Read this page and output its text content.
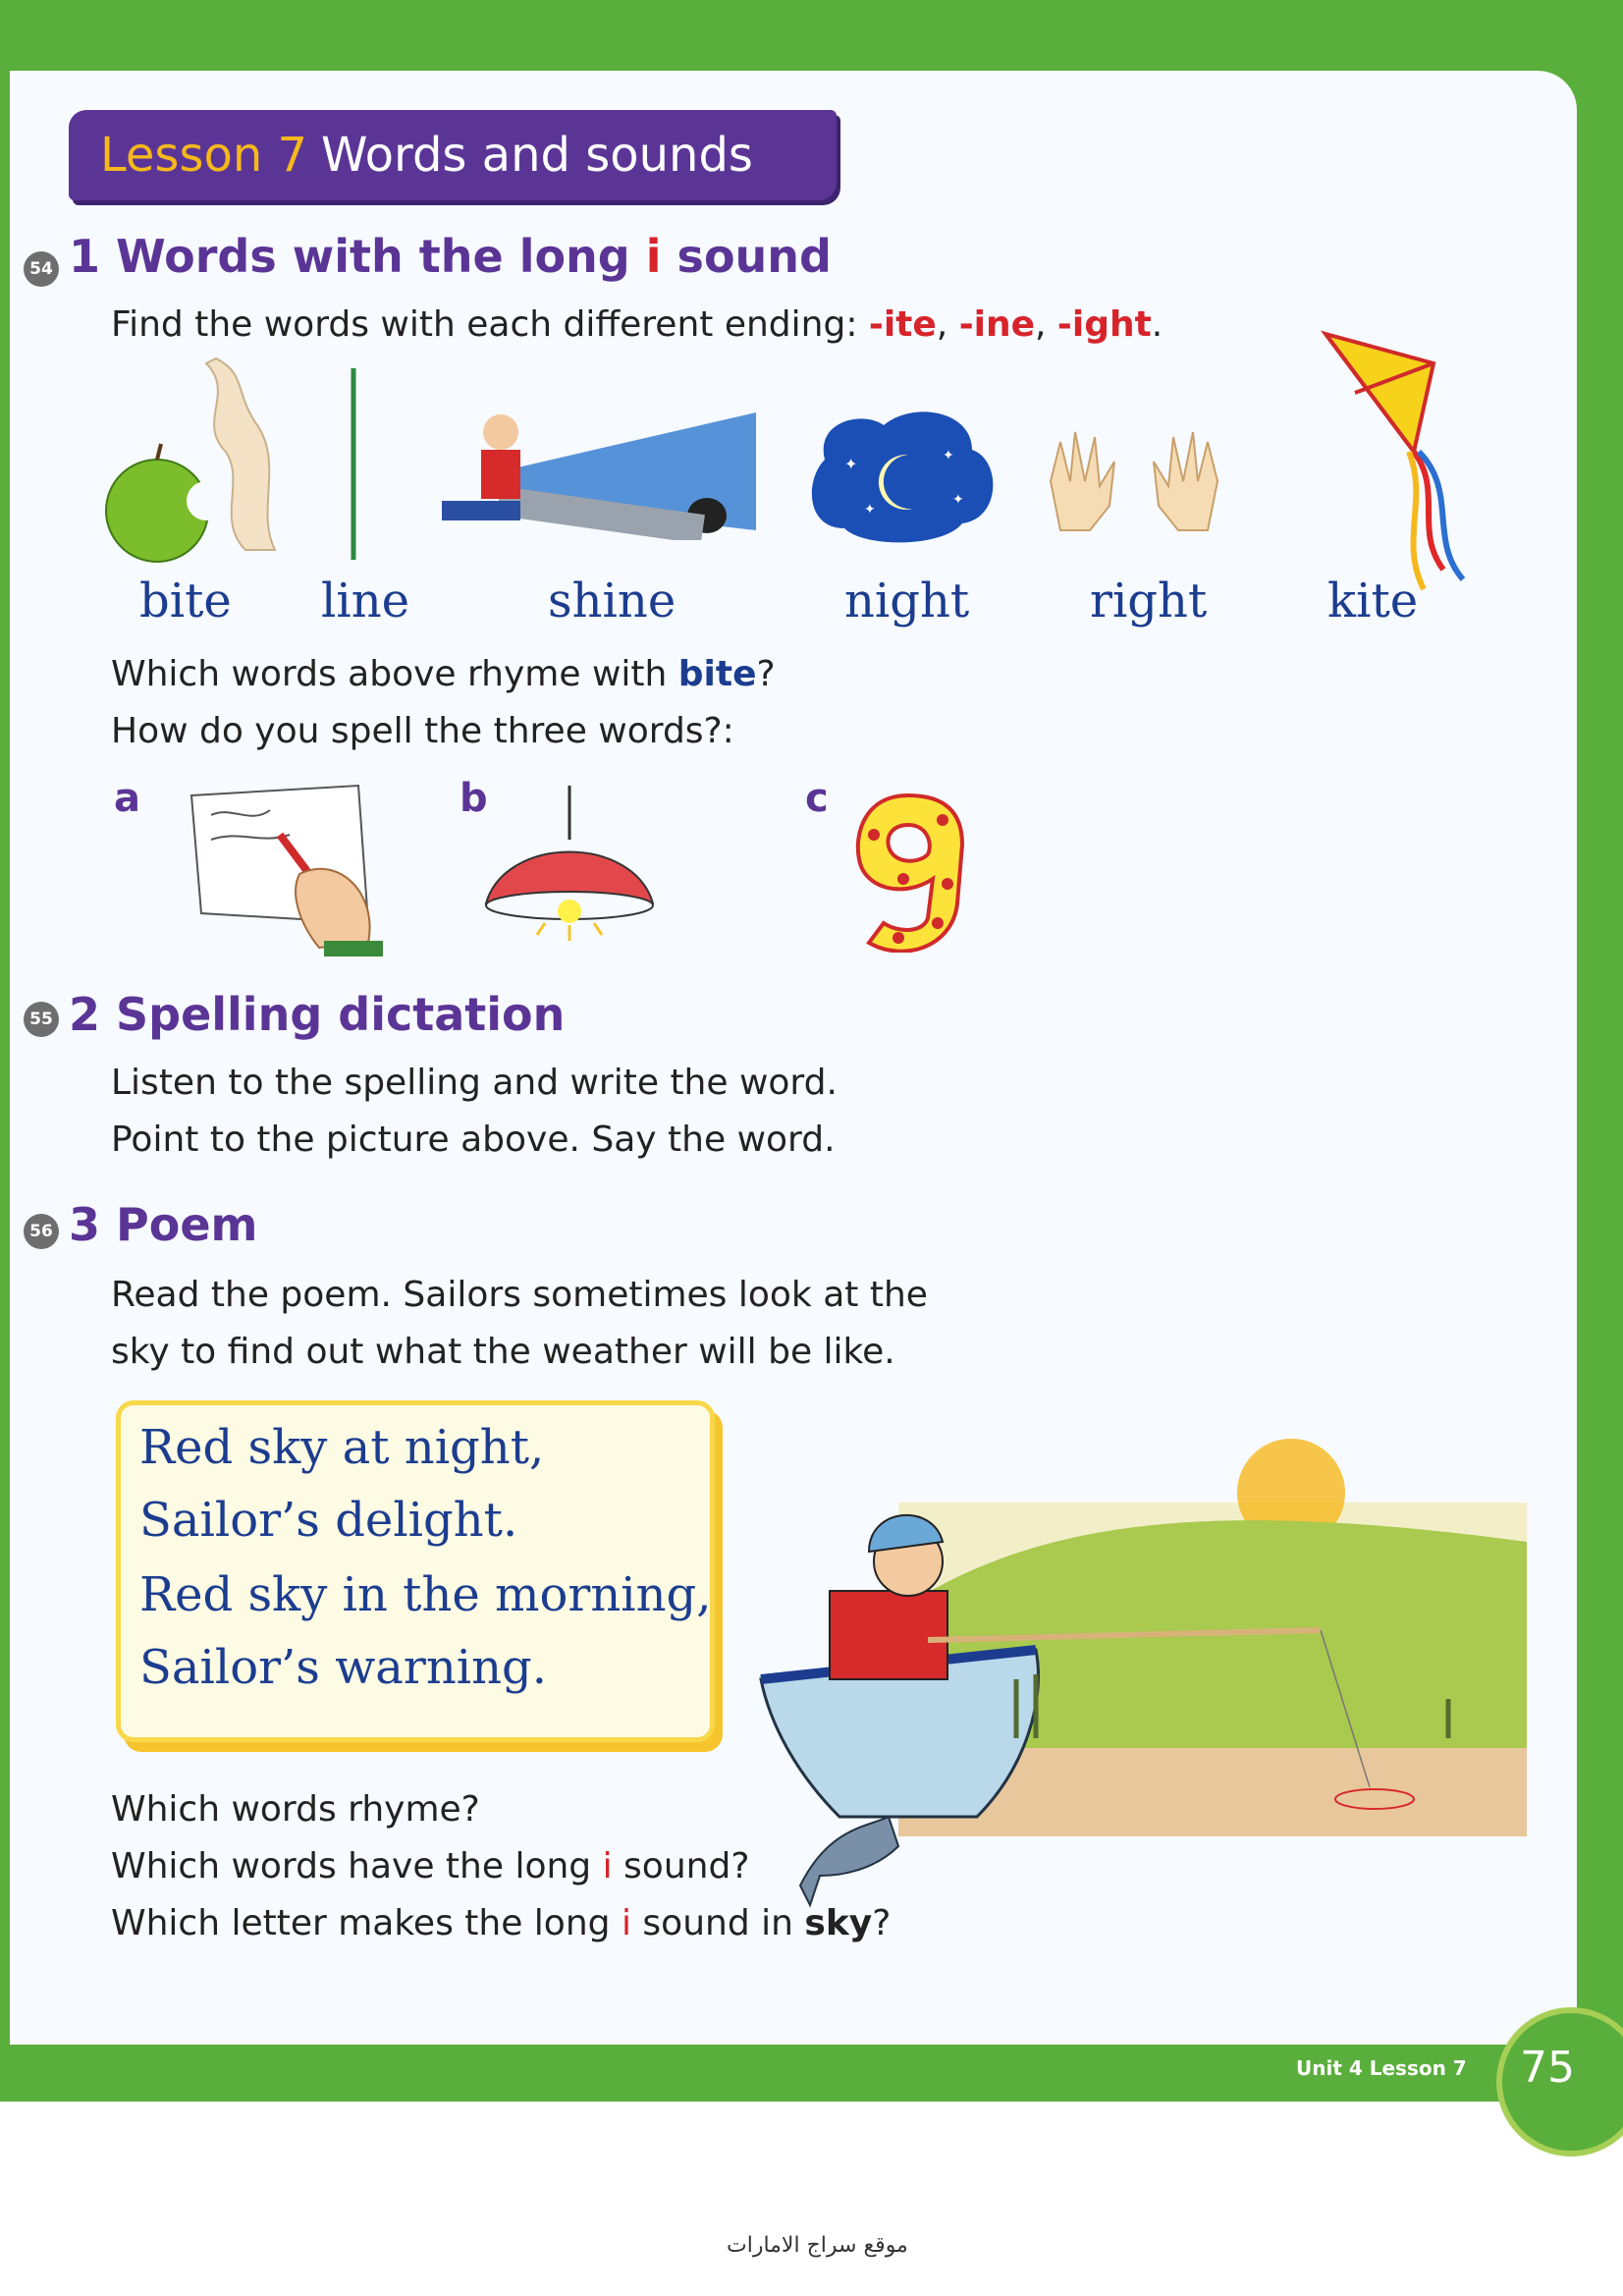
Lesson 7 Words and sounds
54 1 Words with the long i sound
Find the words with each different ending: -ite, -ine, -ight.
✦	✦
✦
✦
bite line	shine	night	right	kite
Which words above rhyme with bite?
How do you spell the three words?:
a	b	c
55 2 Spelling dictation
Listen to the spelling and write the word.
Point to the picture above. Say the word.
56 3 Poem
Read the poem. Sailors sometimes look at the
sky to find out what the weather will be like.
Red sky at night,
Sailor’s delight.
Red sky in the morning,
Sailor’s warning.
Which words rhyme?
Which words have the long i sound?
Which letter makes the long i sound in sky?
Unit 4 Lesson 7 75
موقع سراج الامارات
